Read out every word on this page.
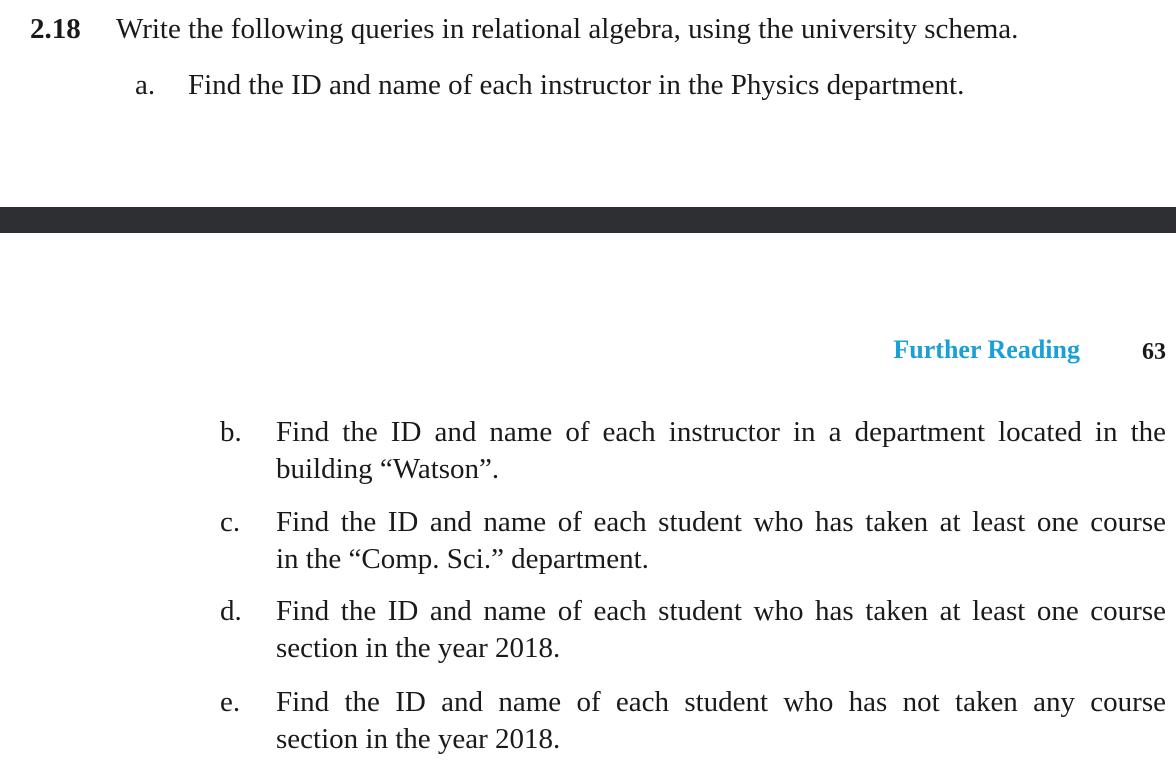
2.18 Write the following queries in relational algebra, using the university schema.
a. Find the ID and name of each instructor in the Physics department.
Further Reading	63
b. Find the ID and name of each instructor in a department located in the
building “Watson”.
c. Find the ID and name of each student who has taken at least one course
in the “Comp. Sci.” department.
d. Find the ID and name of each student who has taken at least one course
section in the year 2018.
e. Find the ID and name of each student who has not taken any course
section in the year 2018.
